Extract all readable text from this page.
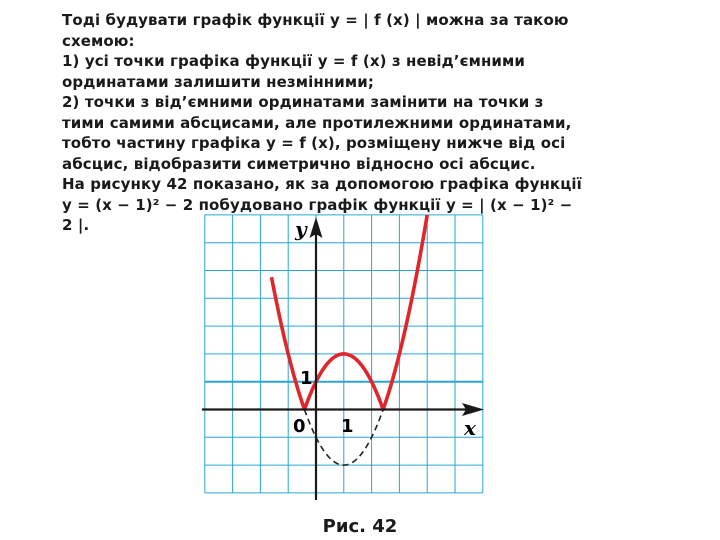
Тоді будувати графік функції y = | f (x) | можна за такою схемою:

1) усі точки графіка функції y = f (x) з невід’ємними ординатами залишити незмінними;

2) точки з від’ємними ординатами замінити на точки з тими самими абсцисами, але протилежними ординатами, тобто частину графіка y = f (x), розміщену нижче від осі абсцис, відобразити симетрично відносно осі абсцис.

На рисунку 42 показано, як за допомогою графіка функції y = (x − 1)² − 2 побудовано графік функції y = | (x − 1)² − 2 |.	y
x
0 1
1
Рис. 42
